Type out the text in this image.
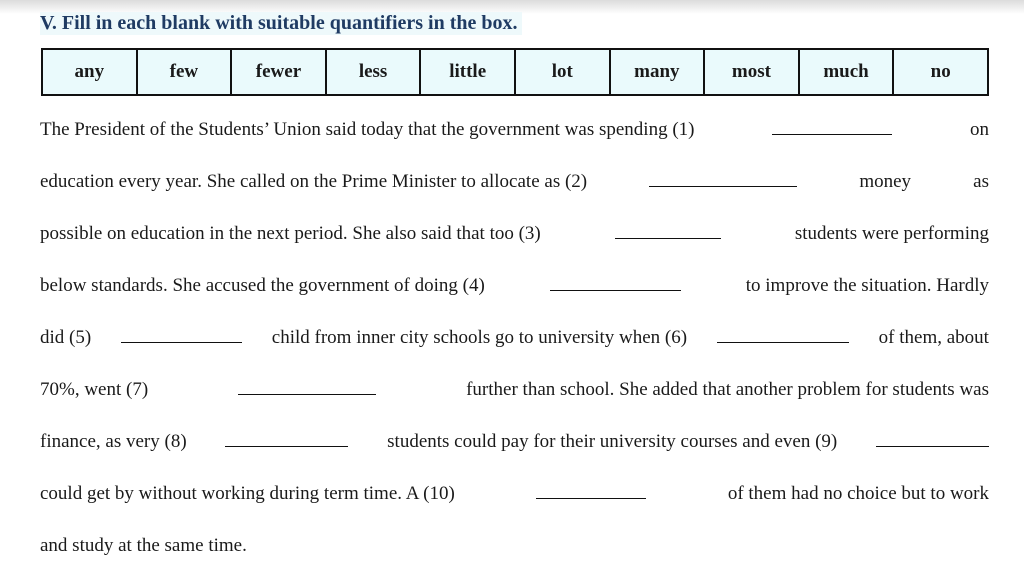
V. Fill in each blank with suitable quantifiers in the box.
any	few	fewer	less	little	lot	many	most	much	no
The President of the Students’ Union said today that the government was spending (1)	on
education every year. She called on the Prime Minister to allocate as (2)	money	as
possible on education in the next period. She also said that too (3)	students were performing
below standards. She accused the government of doing (4)	to improve the situation. Hardly
did (5)	child from inner city schools go to university when (6)	of them, about
70%, went (7)	further than school. She added that another problem for students was
finance, as very (8)	students could pay for their university courses and even (9)
could get by without working during term time. A (10)	of them had no choice but to work
and study at the same time.
